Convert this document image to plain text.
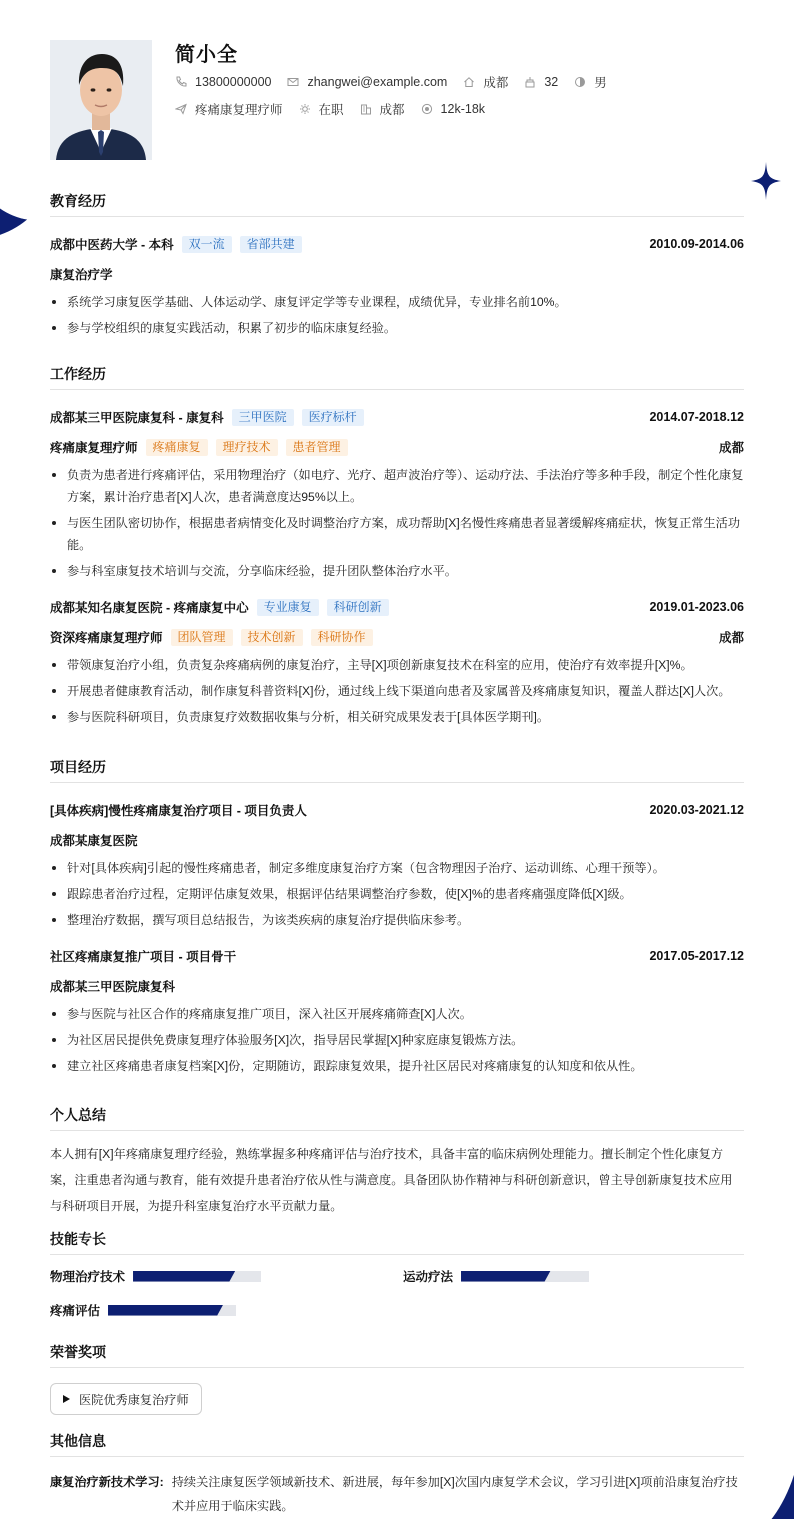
简小全
13800000000	zhangwei@example.com	成都	32	男
疼痛康复理疗师	在职	成都	12k-18k
教育经历
成都中医药大学 - 本科	双一流	省部共建	2010.09-2014.06
康复治疗学
系统学习康复医学基础、人体运动学、康复评定学等专业课程，成绩优异，专业排名前10%。
参与学校组织的康复实践活动，积累了初步的临床康复经验。
工作经历
成都某三甲医院康复科 - 康复科	三甲医院	医疗标杆	2014.07-2018.12
疼痛康复理疗师	疼痛康复	理疗技术	患者管理	成都
负责为患者进行疼痛评估，采用物理治疗（如电疗、光疗、超声波治疗等）、运动疗法、手法治疗等多种手段，制定个性化康复方案，累计治疗患者[X]人次，患者满意度达95%以上。
与医生团队密切协作，根据患者病情变化及时调整治疗方案，成功帮助[X]名慢性疼痛患者显著缓解疼痛症状，恢复正常生活功能。
参与科室康复技术培训与交流，分享临床经验，提升团队整体治疗水平。
成都某知名康复医院 - 疼痛康复中心	专业康复	科研创新	2019.01-2023.06
资深疼痛康复理疗师	团队管理	技术创新	科研协作	成都
带领康复治疗小组，负责复杂疼痛病例的康复治疗，主导[X]项创新康复技术在科室的应用，使治疗有效率提升[X]%。
开展患者健康教育活动，制作康复科普资料[X]份，通过线上线下渠道向患者及家属普及疼痛康复知识，覆盖人群达[X]人次。
参与医院科研项目，负责康复疗效数据收集与分析，相关研究成果发表于[具体医学期刊]。
项目经历
[具体疾病]慢性疼痛康复治疗项目 - 项目负责人	2020.03-2021.12
成都某康复医院
针对[具体疾病]引起的慢性疼痛患者，制定多维度康复治疗方案（包含物理因子治疗、运动训练、心理干预等）。
跟踪患者治疗过程，定期评估康复效果，根据评估结果调整治疗参数，使[X]%的患者疼痛强度降低[X]级。
整理治疗数据，撰写项目总结报告，为该类疾病的康复治疗提供临床参考。
社区疼痛康复推广项目 - 项目骨干	2017.05-2017.12
成都某三甲医院康复科
参与医院与社区合作的疼痛康复推广项目，深入社区开展疼痛筛查[X]人次。
为社区居民提供免费康复理疗体验服务[X]次，指导居民掌握[X]种家庭康复锻炼方法。
建立社区疼痛患者康复档案[X]份，定期随访，跟踪康复效果，提升社区居民对疼痛康复的认知度和依从性。
个人总结

本人拥有[X]年疼痛康复理疗经验，熟练掌握多种疼痛评估与治疗技术，具备丰富的临床病例处理能力。擅长制定个性化康复方案，注重患者沟通与教育，能有效提升患者治疗依从性与满意度。具备团队协作精神与科研创新意识，曾主导创新康复技术应用与科研项目开展，为提升科室康复治疗水平贡献力量。

技能专长
物理治疗技术	运动疗法
疼痛评估
荣誉奖项
医院优秀康复治疗师
其他信息
康复治疗新技术学习: 持续关注康复医学领域新技术、新进展，每年参加[X]次国内康复学术会议，学习引进[X]项前沿康复治疗技术并应用于临床实践。
